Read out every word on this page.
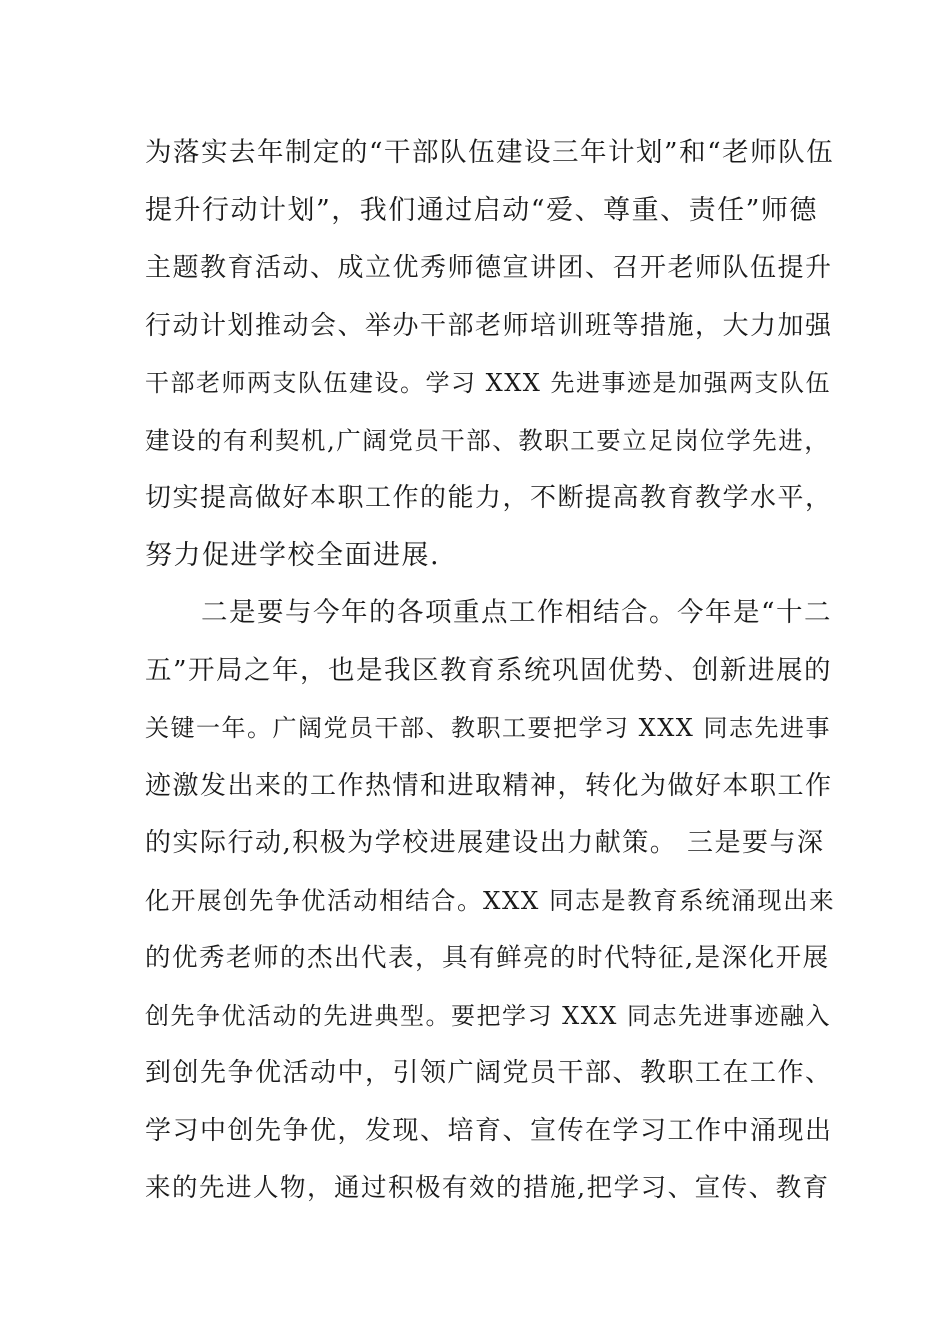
为落实去年制定的“干部队伍建设三年计划”和“老师队伍
提升行动计划”，我们通过启动“爱、尊重、责任”师德
主题教育活动、成立优秀师德宣讲团、召开老师队伍提升
行动计划推动会、举办干部老师培训班等措施，大力加强
干部老师两支队伍建设。学习 XXX 先进事迹是加强两支队伍
建设的有利契机,广阔党员干部、教职工要立足岗位学先进，
切实提高做好本职工作的能力，不断提高教育教学水平，
努力促进学校全面进展.
　　二是要与今年的各项重点工作相结合。今年是“十二
五”开局之年，也是我区教育系统巩固优势、创新进展的
关键一年。广阔党员干部、教职工要把学习 XXX 同志先进事
迹激发出来的工作热情和进取精神，转化为做好本职工作
的实际行动,积极为学校进展建设出力献策。 三是要与深
化开展创先争优活动相结合。XXX 同志是教育系统涌现出来
的优秀老师的杰出代表，具有鲜亮的时代特征,是深化开展
创先争优活动的先进典型。要把学习 XXX 同志先进事迹融入
到创先争优活动中，引领广阔党员干部、教职工在工作、
学习中创先争优，发现、培育、宣传在学习工作中涌现出
来的先进人物，通过积极有效的措施,把学习、宣传、教育
